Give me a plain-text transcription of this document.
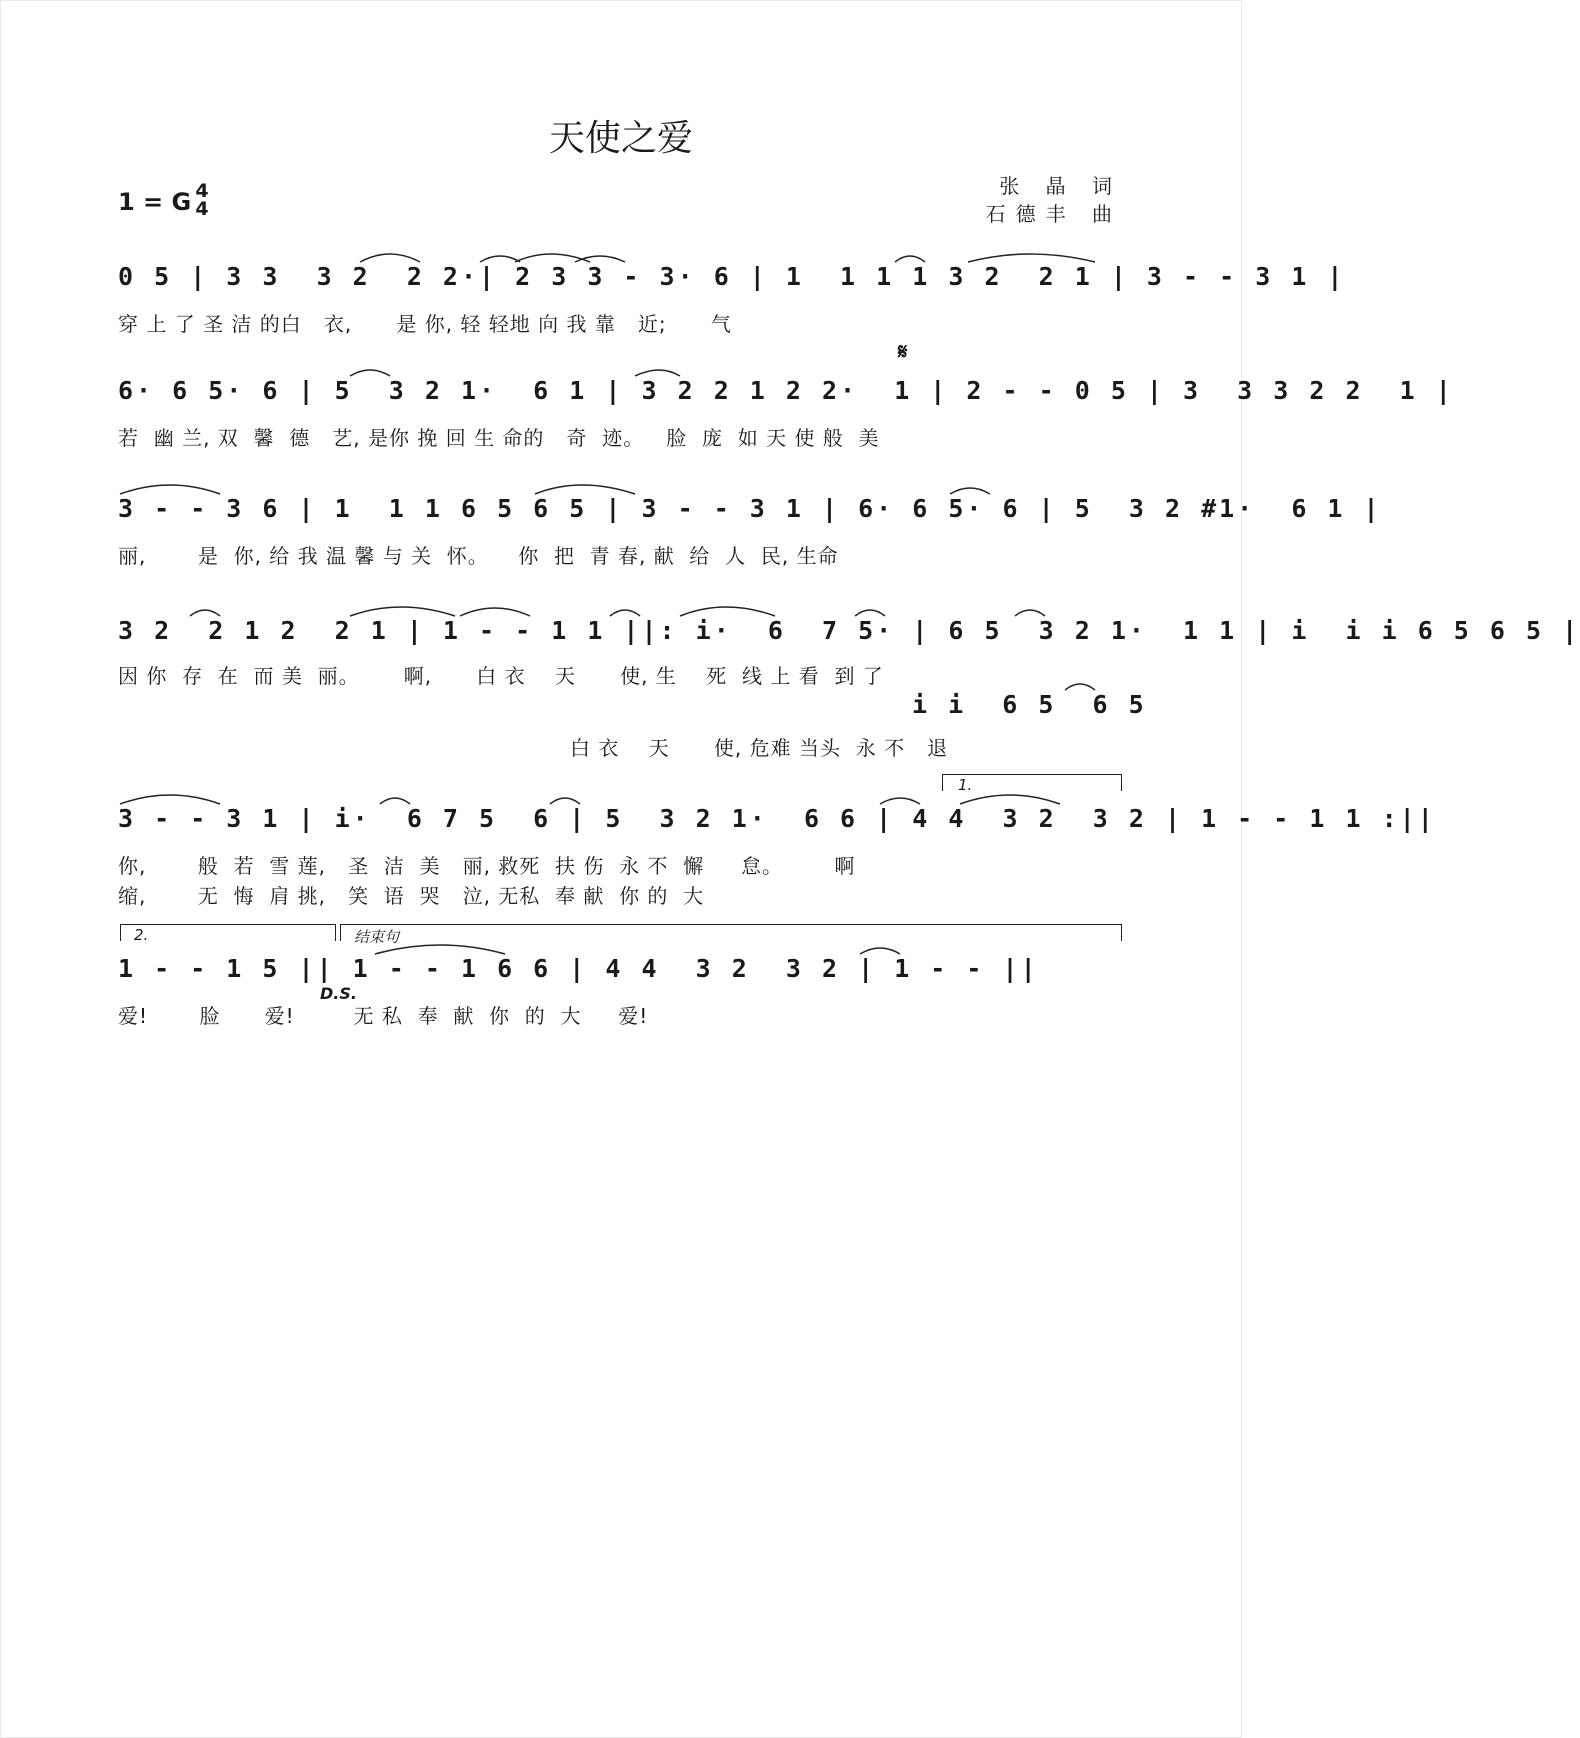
天使之爱
1 = G 4
4
张 晶 词
石德丰 曲
0 5 | 3 3  3 2  2 2·| 2 3 3 - 3· 6 | 1  1 1 1 3 2  2 1 | 3 - - 3 1 |
穿 上 了 圣 洁 的白   衣,      是 你, 轻 轻地 向 我 靠   近;      气
𝄋
6· 6 5· 6 | 5  3 2 1·  6 1 | 3 2 2 1 2 2·  1 | 2 - - 0 5 | 3  3 3 2 2  1 |
若  幽 兰, 双  馨  德   艺, 是你 挽 回 生 命的   奇  迹。   脸  庞  如 天 使 般  美
3 - - 3 6 | 1  1 1 6 5 6 5 | 3 - - 3 1 | 6· 6 5· 6 | 5  3 2 #1·  6 1 |
丽,       是  你, 给 我 温 馨 与 关  怀。    你  把  青 春, 献  给  人  民, 生命
3 2  2 1 2  2 1 | 1 - - 1 1 ||: i·  6  7 5· | 6 5  3 2 1·  1 1 | i  i i 6 5 6 5 |
因 你  存  在  而 美  丽。      啊,      白 衣    天      使, 生    死  线 上 看  到 了
i i  6 5  6 5
白 衣    天      使, 危难 当头  永 不   退
1.
3 - - 3 1 | i·  6 7 5  6 | 5  3 2 1·  6 6 | 4 4  3 2  3 2 | 1 - - 1 1 :||
你,       般  若  雪 莲,   圣  洁  美   丽, 救死  扶 伤  永 不  懈     怠。       啊
缩,       无  悔  肩 挑,   笑  语  哭   泣, 无私  奉 献  你 的  大
2.	结束句
1 - - 1 5 || 1 - - 1 6 6 | 4 4  3 2  3 2 | 1 - - ||
D.S.
爱!       脸      爱!        无 私  奉  献  你  的  大     爱!
